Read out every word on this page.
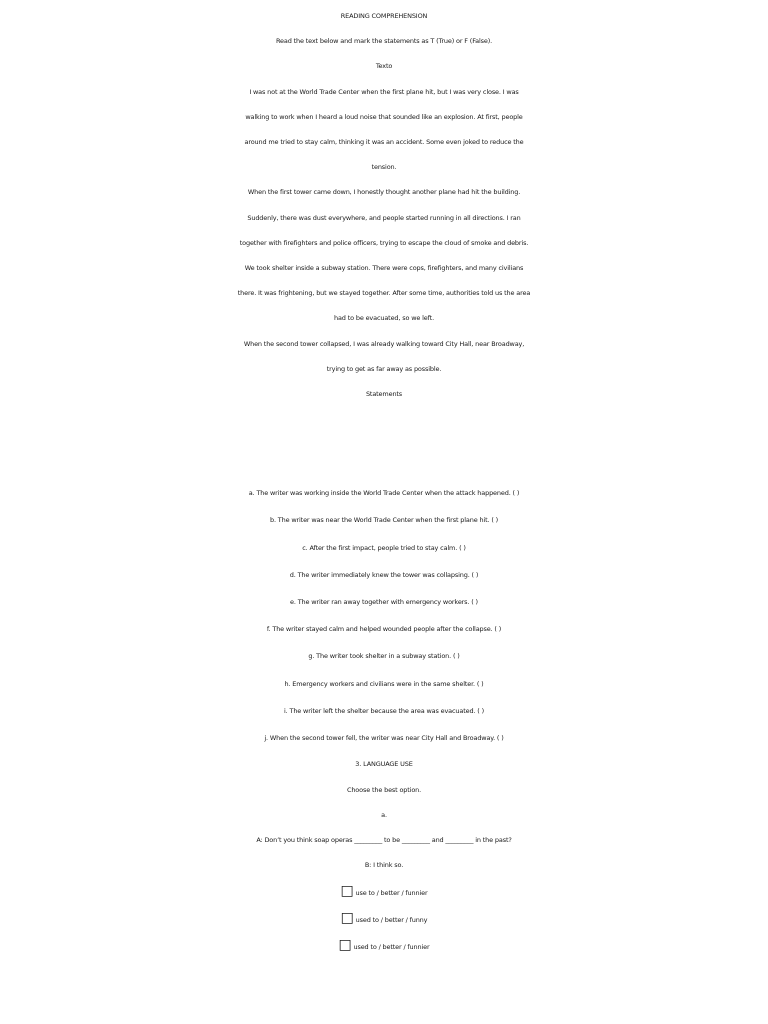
READING COMPREHENSION
Read the text below and mark the statements as T (True) or F (False).
Texto
I was not at the World Trade Center when the first plane hit, but I was very close. I was
walking to work when I heard a loud noise that sounded like an explosion. At first, people
around me tried to stay calm, thinking it was an accident. Some even joked to reduce the
tension.
When the first tower came down, I honestly thought another plane had hit the building.
Suddenly, there was dust everywhere, and people started running in all directions. I ran
together with firefighters and police officers, trying to escape the cloud of smoke and debris.
We took shelter inside a subway station. There were cops, firefighters, and many civilians
there. It was frightening, but we stayed together. After some time, authorities told us the area
had to be evacuated, so we left.
When the second tower collapsed, I was already walking toward City Hall, near Broadway,
trying to get as far away as possible.
Statements
a. The writer was working inside the World Trade Center when the attack happened. ( )
b. The writer was near the World Trade Center when the first plane hit. ( )
c. After the first impact, people tried to stay calm. ( )
d. The writer immediately knew the tower was collapsing. ( )
e. The writer ran away together with emergency workers. ( )
f. The writer stayed calm and helped wounded people after the collapse. ( )
g. The writer took shelter in a subway station. ( )
h. Emergency workers and civilians were in the same shelter. ( )
i. The writer left the shelter because the area was evacuated. ( )
j. When the second tower fell, the writer was near City Hall and Broadway. ( )
3. LANGUAGE USE
Choose the best option.
a.
A: Don’t you think soap operas _________ to be _________ and _________ in the past?
B: I think so.
□ use to / better / funnier
□ used to / better / funny
□ used to / better / funnier
